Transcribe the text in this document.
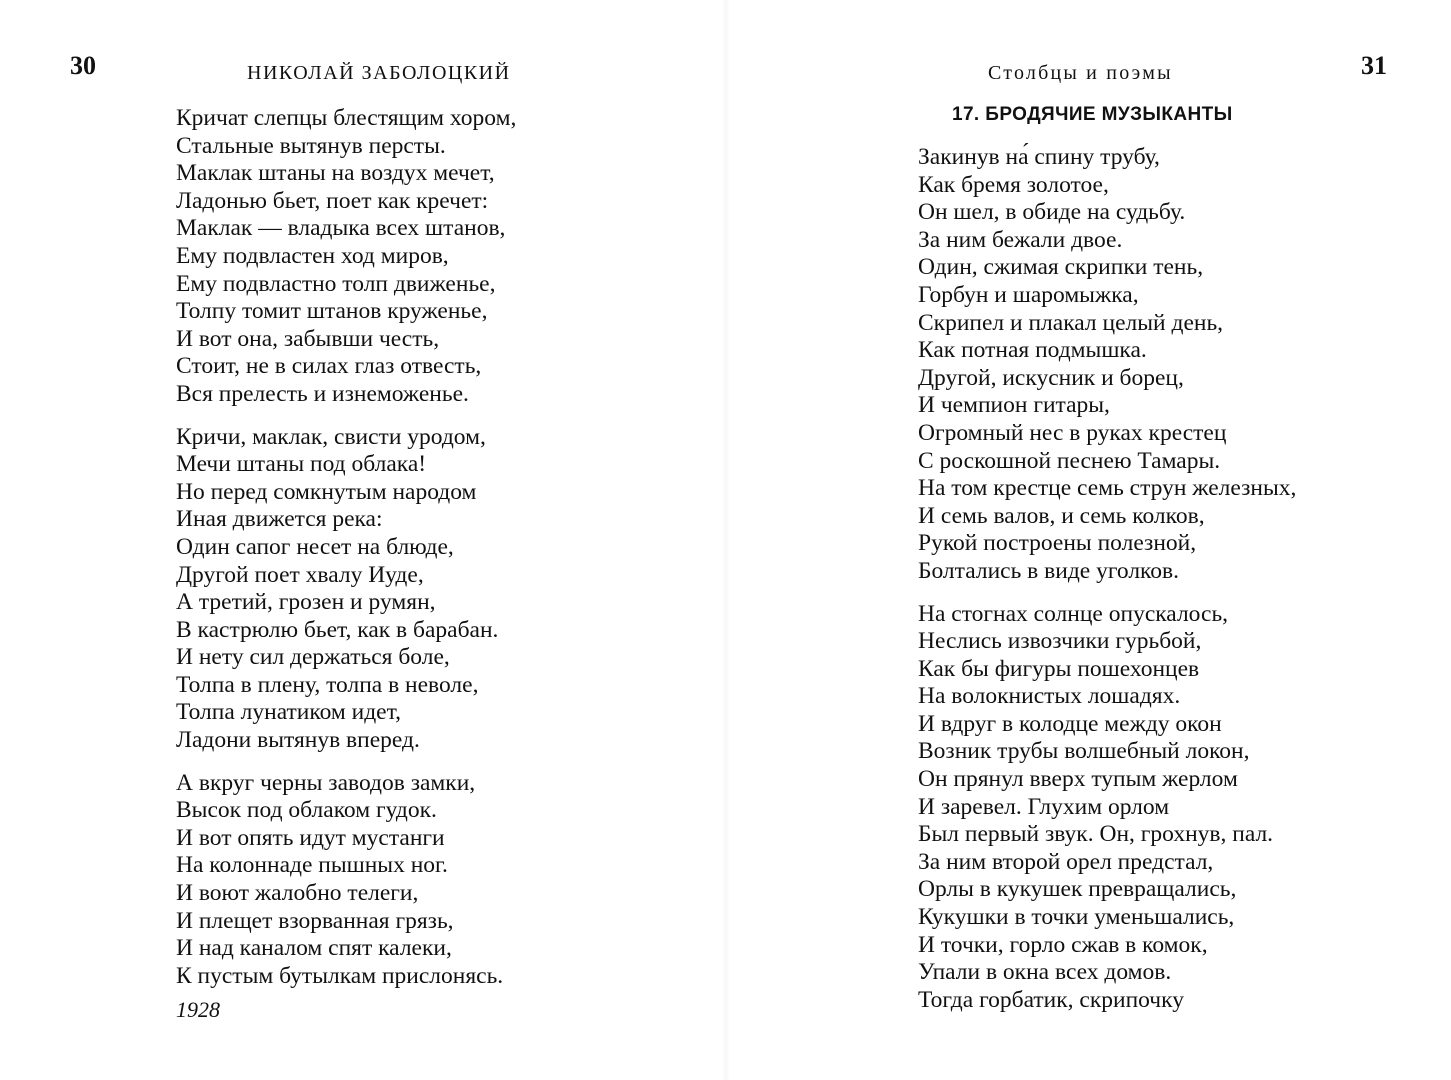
30	НИКОЛАЙ ЗАБОЛОЦКИЙ
Кричат слепцы блестящим хором,
Стальные вытянув персты.
Маклак штаны на воздух мечет,
Ладонью бьет, поет как кречет:
Маклак — владыка всех штанов,
Ему подвластен ход миров,
Ему подвластно толп движенье,
Толпу томит штанов круженье,
И вот она, забывши честь,
Стоит, не в силах глаз отвесть,
Вся прелесть и изнеможенье.
Кричи, маклак, свисти уродом,
Мечи штаны под облака!
Но перед сомкнутым народом
Иная движется река:
Один сапог несет на блюде,
Другой поет хвалу Иуде,
А третий, грозен и румян,
В кастрюлю бьет, как в барабан.
И нету сил держаться боле,
Толпа в плену, толпа в неволе,
Толпа лунатиком идет,
Ладони вытянув вперед.
А вкруг черны заводов замки,
Высок под облаком гудок.
И вот опять идут мустанги
На колоннаде пышных ног.
И воют жалобно телеги,
И плещет взорванная грязь,
И над каналом спят калеки,
К пустым бутылкам прислонясь.
1928
31
Столбцы и поэмы
17. БРОДЯЧИЕ МУЗЫКАНТЫ
Закинув на́ спину трубу,
Как бремя золотое,
Он шел, в обиде на судьбу.
За ним бежали двое.
Один, сжимая скрипки тень,
Горбун и шаромыжка,
Скрипел и плакал целый день,
Как потная подмышка.
Другой, искусник и борец,
И чемпион гитары,
Огромный нес в руках крестец
С роскошной песнею Тамары.
На том крестце семь струн железных,
И семь валов, и семь колков,
Рукой построены полезной,
Болтались в виде уголков.
На стогнах солнце опускалось,
Неслись извозчики гурьбой,
Как бы фигуры пошехонцев
На волокнистых лошадях.
И вдруг в колодце между окон
Возник трубы волшебный локон,
Он прянул вверх тупым жерлом
И заревел. Глухим орлом
Был первый звук. Он, грохнув, пал.
За ним второй орел предстал,
Орлы в кукушек превращались,
Кукушки в точки уменьшались,
И точки, горло сжав в комок,
Упали в окна всех домов.
Тогда горбатик, скрипочку
